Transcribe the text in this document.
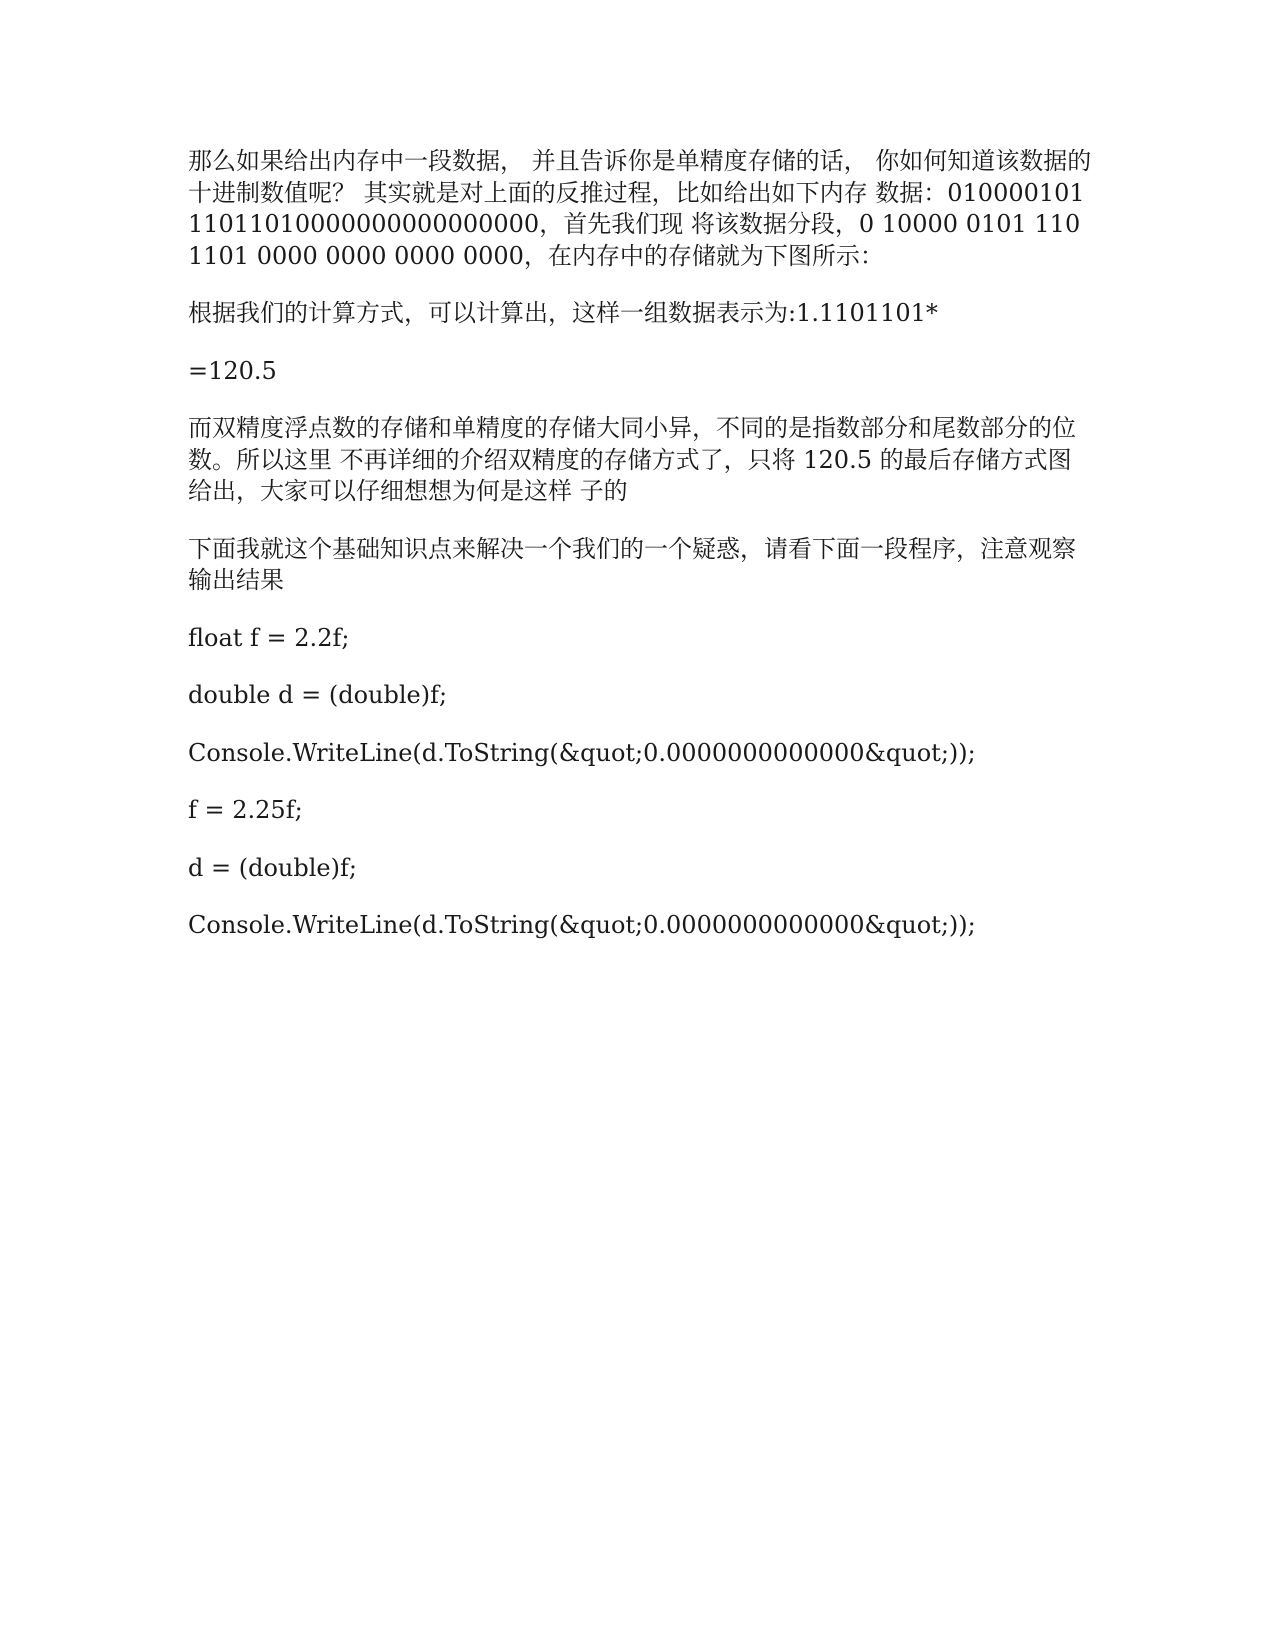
那么如果给出内存中一段数据， 并且告诉你是单精度存储的话， 你如何知道该数据的十进制数值呢？ 其实就是对上面的反推过程，比如给出如下内存 数据：01000010111011010000000000000000，首先我们现 将该数据分段，0 10000 0101 110 1101 0000 0000 0000 0000，在内存中的存储就为下图所示：

根据我们的计算方式，可以计算出，这样一组数据表示为:1.1101101*

=120.5

而双精度浮点数的存储和单精度的存储大同小异，不同的是指数部分和尾数部分的位数。所以这里 不再详细的介绍双精度的存储方式了，只将 120.5 的最后存储方式图给出，大家可以仔细想想为何是这样 子的

下面我就这个基础知识点来解决一个我们的一个疑惑，请看下面一段程序，注意观察输出结果

float f = 2.2f;

double d = (double)f;

Console.WriteLine(d.ToString(&quot;0.0000000000000&quot;));

f = 2.25f;

d = (double)f;

Console.WriteLine(d.ToString(&quot;0.0000000000000&quot;));
